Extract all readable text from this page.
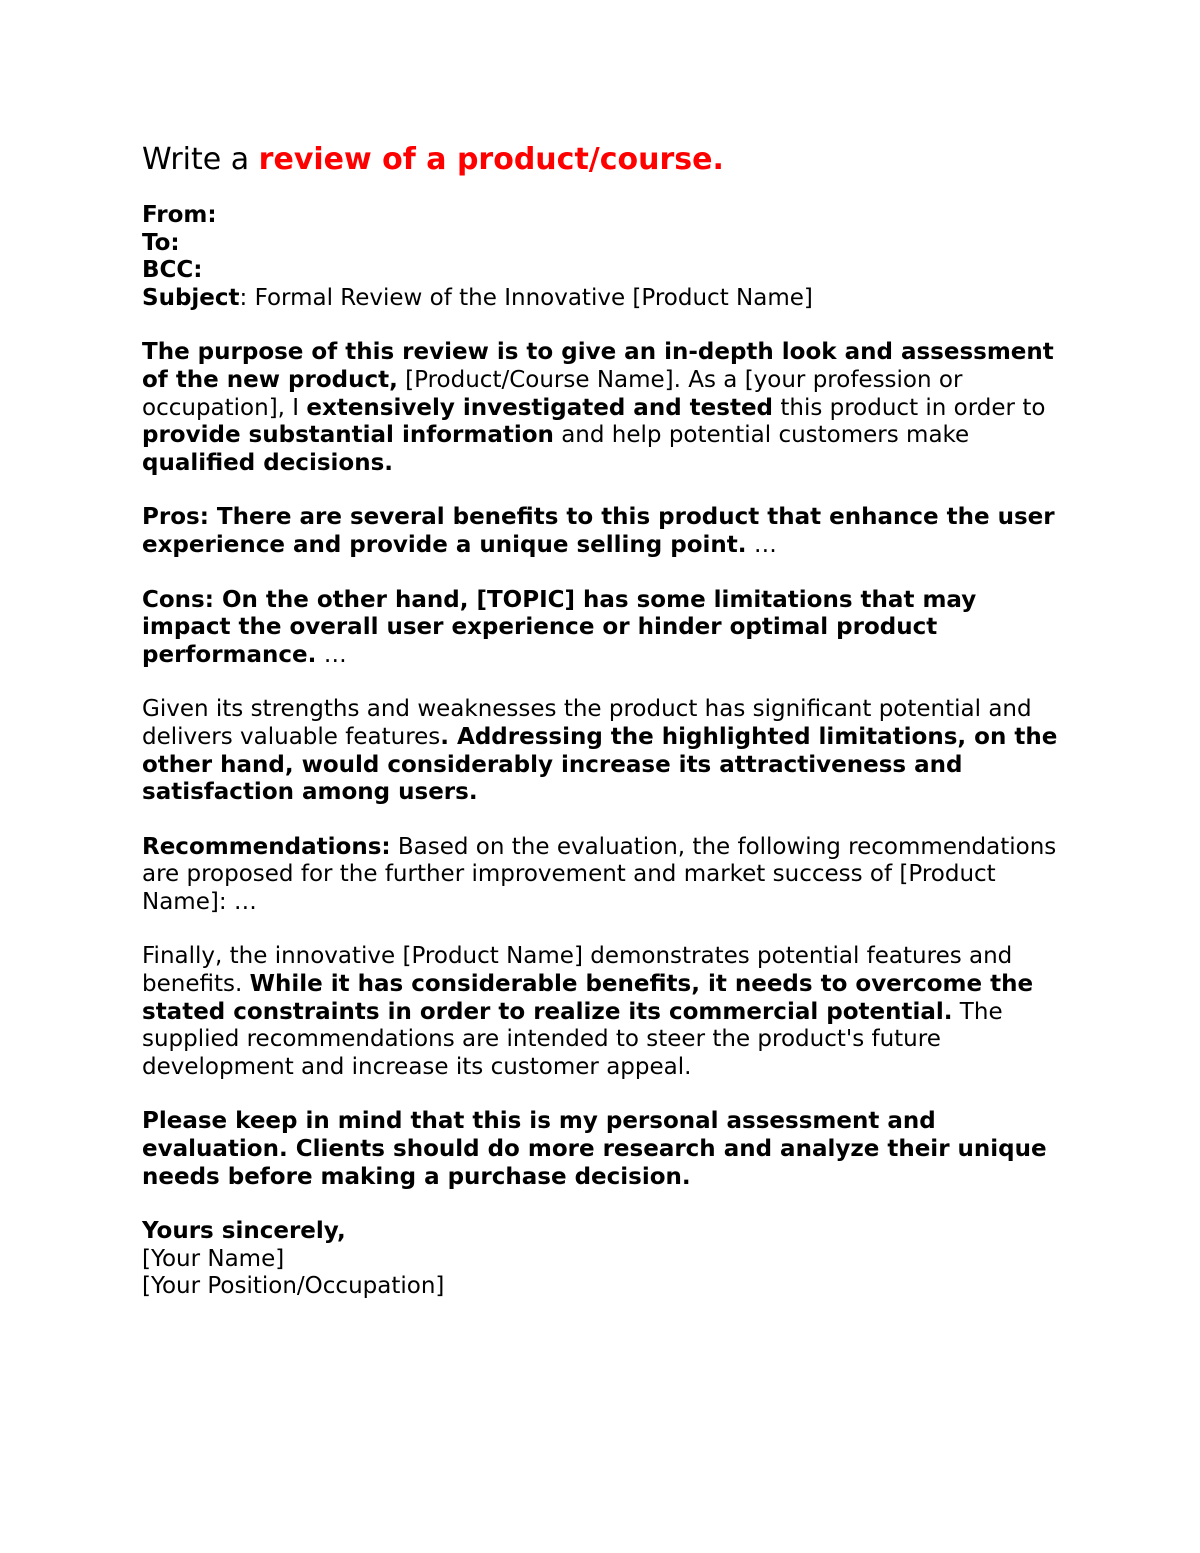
Write a review of a product/course.

From:

To:

BCC:

Subject: Formal Review of the Innovative [Product Name]

The purpose of this review is to give an in-depth look and assessment of the new product, [Product/Course Name]. As a [your profession or occupation], I extensively investigated and tested this product in order to provide substantial information and help potential customers make qualified decisions.

Pros: There are several benefits to this product that enhance the user experience and provide a unique selling point. …

Cons: On the other hand, [TOPIC] has some limitations that may impact the overall user experience or hinder optimal product performance. …

Given its strengths and weaknesses the product has significant potential and delivers valuable features. Addressing the highlighted limitations, on the other hand, would considerably increase its attractiveness and satisfaction among users.

Recommendations: Based on the evaluation, the following recommendations are proposed for the further improvement and market success of [Product Name]: …

Finally, the innovative [Product Name] demonstrates potential features and benefits. While it has considerable benefits, it needs to overcome the stated constraints in order to realize its commercial potential. The supplied recommendations are intended to steer the product's future development and increase its customer appeal.

Please keep in mind that this is my personal assessment and evaluation. Clients should do more research and analyze their unique needs before making a purchase decision.

Yours sincerely,

[Your Name]

[Your Position/Occupation]
